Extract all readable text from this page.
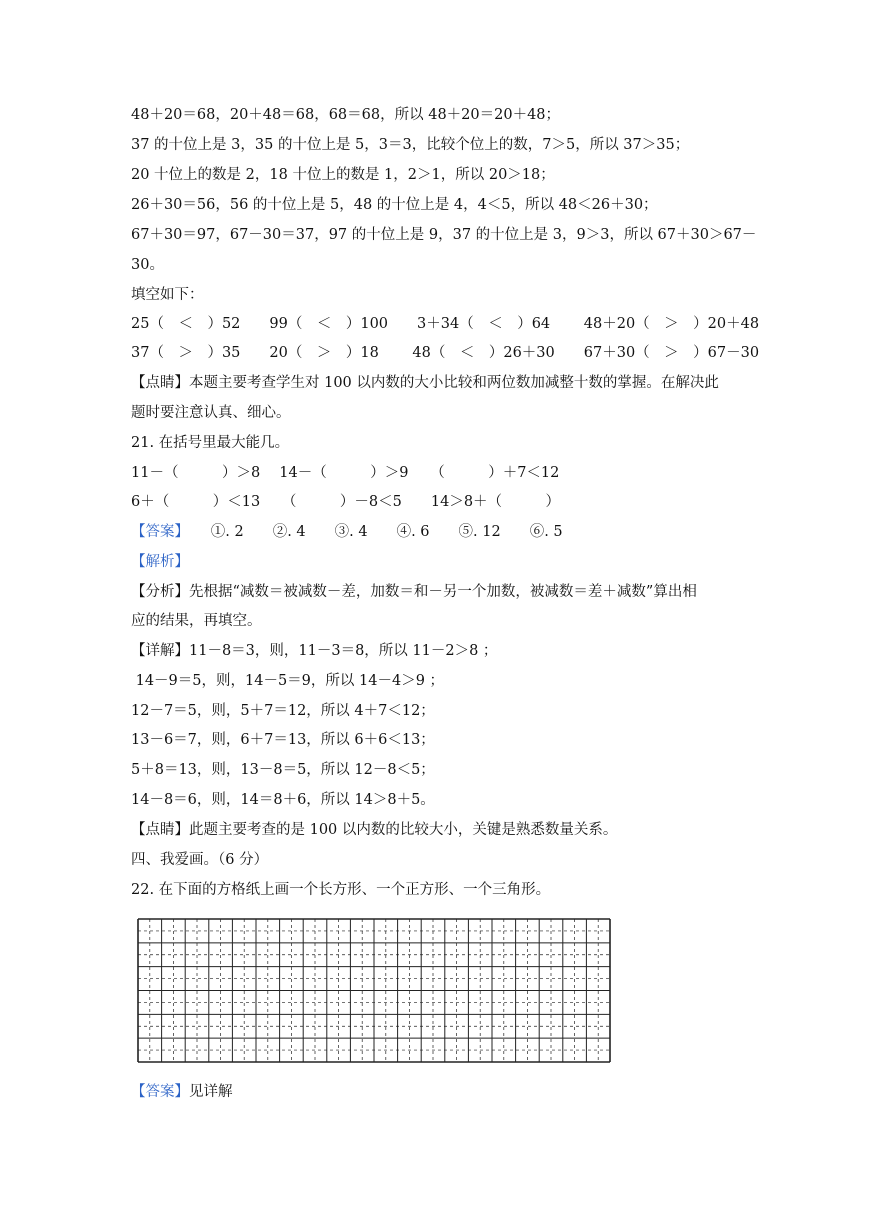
48＋20＝68，20＋48＝68，68＝68，所以 48＋20＝20＋48；
37 的十位上是 3，35 的十位上是 5，3＝3，比较个位上的数，7＞5，所以 37＞35；
20 十位上的数是 2，18 十位上的数是 1，2＞1，所以 20＞18；
26＋30＝56，56 的十位上是 5，48 的十位上是 4，4＜5，所以 48＜26＋30；
67＋30＝97，67－30＝37，97 的十位上是 9，37 的十位上是 3，9＞3，所以 67＋30＞67－
30。
填空如下：
25（　＜　）52　　99（　＜　）100　　3＋34（　＜　）64　　 48＋20（　＞　）20＋48
37（　＞　）35　　20（　＞　）18　　 48（　＜　）26＋30　　67＋30（　＞　）67－30
【点睛】本题主要考查学生对 100 以内数的大小比较和两位数加减整十数的掌握。在解决此
题时要注意认真、细心。
21. 在括号里最大能几。
11－（　　　）＞8　 14－（　　　）＞9　　（　　　）＋7＜12
6＋（　　　）＜13　　（　　　）－8＜5　　14＞8＋（　　　）
【答案】　　①. 2　　②. 4　　③. 4　　④. 6　　⑤. 12　　⑥. 5
【解析】
【分析】先根据“减数＝被减数－差，加数＝和－另一个加数，被减数＝差＋减数”算出相
应的结果，再填空。
【详解】11－8＝3，则，11－3＝8，所以 11－2＞8 ；
14－9＝5，则，14－5＝9，所以 14－4＞9 ；
12－7＝5，则，5＋7＝12，所以 4＋7＜12；
13－6＝7，则，6＋7＝13，所以 6＋6＜13；
5＋8＝13，则，13－8＝5，所以 12－8＜5；
14－8＝6，则，14＝8＋6，所以 14＞8＋5。
【点睛】此题主要考查的是 100 以内数的比较大小，关键是熟悉数量关系。
四、我爱画。（6 分）
22. 在下面的方格纸上画一个长方形、一个正方形、一个三角形。
【答案】见详解
